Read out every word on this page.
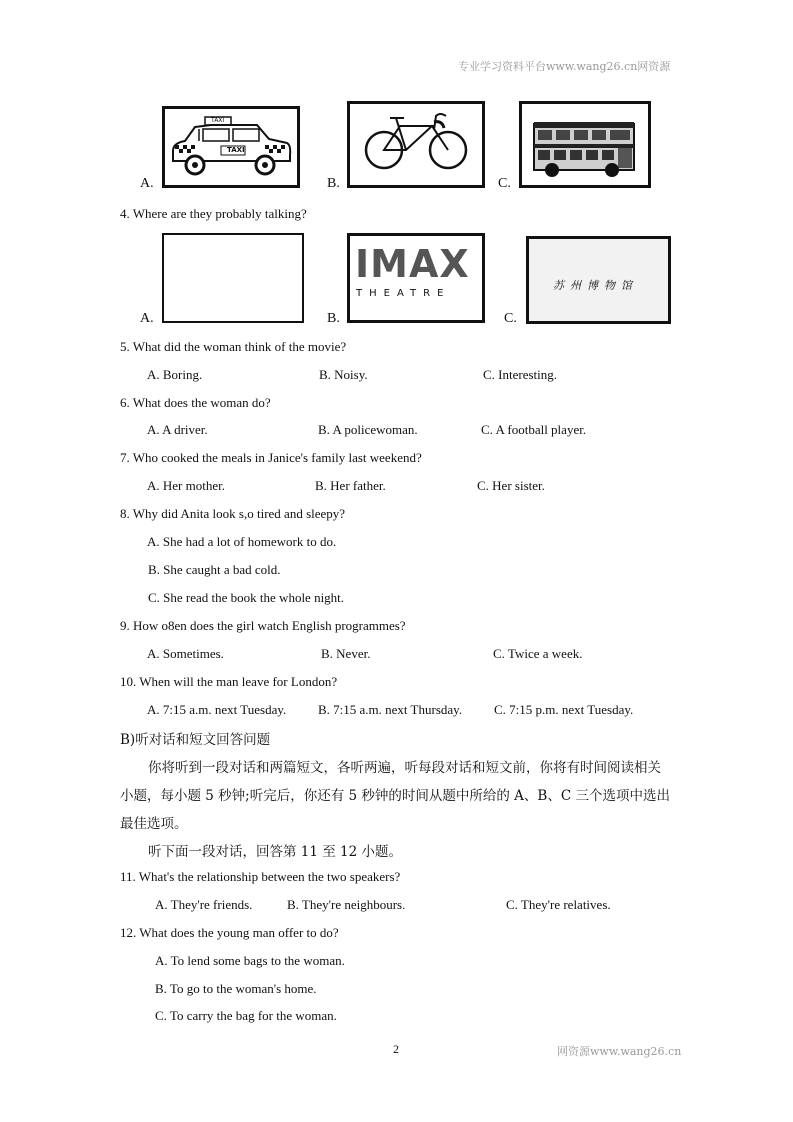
专业学习资料平台www.wang26.cn网资源
A.
TAXI
TAXI
B.	C.
4. Where are they probably talking?
A.	B.
IMAX
THEATRE
C.
苏州博物馆
5. What did the woman think of the movie?
A. Boring.	B. Noisy.	C. Interesting.
6. What does the woman do?
A. A driver.	B. A policewoman.	C. A football player.
7. Who cooked the meals in Janice's family last weekend?
A. Her mother.	B. Her father.	C. Her sister.
8. Why did Anita look s,o tired and sleepy?
A. She had a lot of homework to do.
B. She caught a bad cold.
C. She read the book the whole night.
9. How o8en does the girl watch English programmes?
A. Sometimes.	B. Never.	C. Twice a week.
10. When will the man leave for London?
A. 7:15 a.m. next Tuesday. B. 7:15 a.m. next Thursday. C. 7:15 p.m. next Tuesday.
B)听对话和短文回答问题
你将听到一段对话和两篇短文，各听两遍，听每段对话和短文前，你将有时间阅读相关
小题，每小题 5 秒钟;听完后，你还有 5 秒钟的时间从题中所给的 A、B、C 三个选项中选出
最佳选项。
听下面一段对话，回答第 11 至 12 小题。
11. What's the relationship between the two speakers?
A. They're friends.	B. They're neighbours.	C. They're relatives.
12. What does the young man offer to do?
A. To lend some bags to the woman.
B. To go to the woman's home.
C. To carry the bag for the woman.
2	网资源www.wang26.cn
